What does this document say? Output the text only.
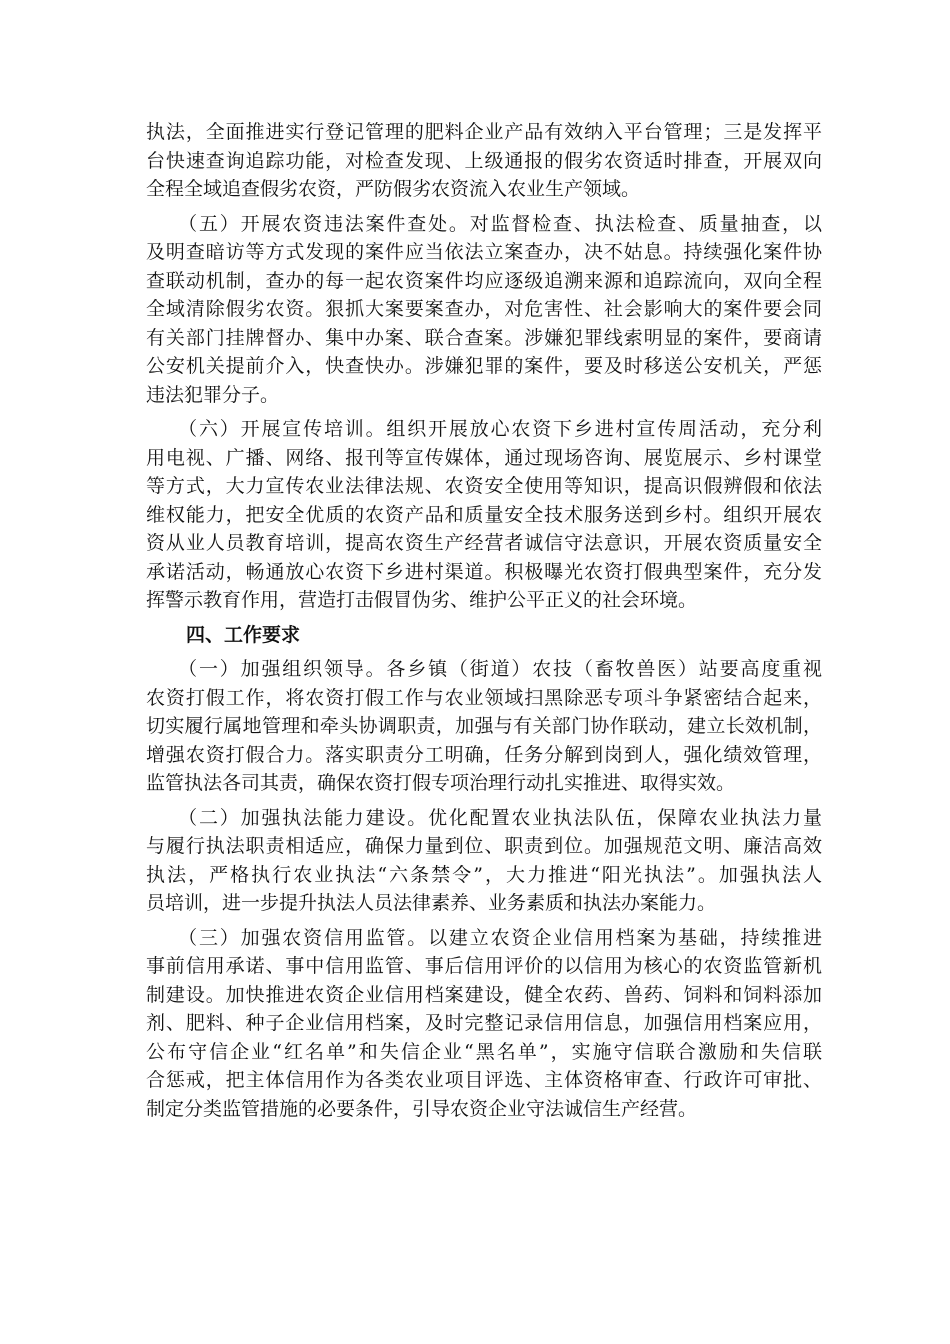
执法，全面推进实行登记管理的肥料企业产品有效纳入平台管理；三是发挥平
台快速查询追踪功能，对检查发现、上级通报的假劣农资适时排查，开展双向
全程全域追查假劣农资，严防假劣农资流入农业生产领域。
　　（五）开展农资违法案件查处。对监督检查、执法检查、质量抽查，以
及明查暗访等方式发现的案件应当依法立案查办，决不姑息。持续强化案件协
查联动机制，查办的每一起农资案件均应逐级追溯来源和追踪流向，双向全程
全域清除假劣农资。狠抓大案要案查办，对危害性、社会影响大的案件要会同
有关部门挂牌督办、集中办案、联合查案。涉嫌犯罪线索明显的案件，要商请
公安机关提前介入，快查快办。涉嫌犯罪的案件，要及时移送公安机关，严惩
违法犯罪分子。
　　（六）开展宣传培训。组织开展放心农资下乡进村宣传周活动，充分利
用电视、广播、网络、报刊等宣传媒体，通过现场咨询、展览展示、乡村课堂
等方式，大力宣传农业法律法规、农资安全使用等知识，提高识假辨假和依法
维权能力，把安全优质的农资产品和质量安全技术服务送到乡村。组织开展农
资从业人员教育培训，提高农资生产经营者诚信守法意识，开展农资质量安全
承诺活动，畅通放心农资下乡进村渠道。积极曝光农资打假典型案件，充分发
挥警示教育作用，营造打击假冒伪劣、维护公平正义的社会环境。
四、工作要求
　　（一）加强组织领导。各乡镇（街道）农技（畜牧兽医）站要高度重视
农资打假工作，将农资打假工作与农业领域扫黑除恶专项斗争紧密结合起来，
切实履行属地管理和牵头协调职责，加强与有关部门协作联动，建立长效机制，
增强农资打假合力。落实职责分工明确，任务分解到岗到人，强化绩效管理，
监管执法各司其责，确保农资打假专项治理行动扎实推进、取得实效。
　　（二）加强执法能力建设。优化配置农业执法队伍，保障农业执法力量
与履行执法职责相适应，确保力量到位、职责到位。加强规范文明、廉洁高效
执法，严格执行农业执法“六条禁令”，大力推进“阳光执法”。加强执法人
员培训，进一步提升执法人员法律素养、业务素质和执法办案能力。
　　（三）加强农资信用监管。以建立农资企业信用档案为基础，持续推进
事前信用承诺、事中信用监管、事后信用评价的以信用为核心的农资监管新机
制建设。加快推进农资企业信用档案建设，健全农药、兽药、饲料和饲料添加
剂、肥料、种子企业信用档案，及时完整记录信用信息，加强信用档案应用，
公布守信企业“红名单”和失信企业“黑名单”，实施守信联合激励和失信联
合惩戒，把主体信用作为各类农业项目评选、主体资格审查、行政许可审批、
制定分类监管措施的必要条件，引导农资企业守法诚信生产经营。
